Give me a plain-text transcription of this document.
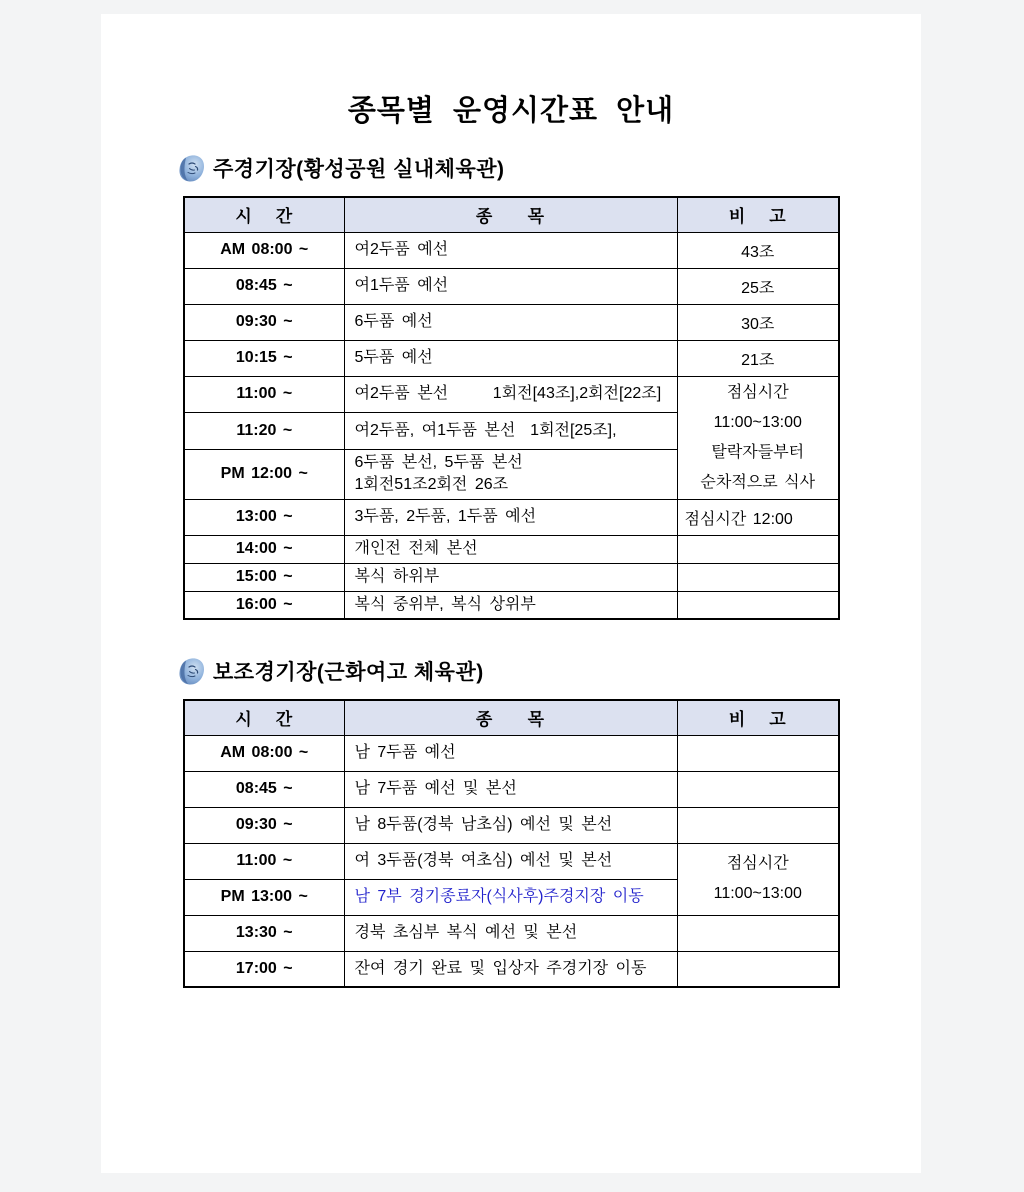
종목별  운영시간표  안내
주경기장(황성공원 실내체육관)
시    간	종      목	비    고
AM 08:00 ~	여2두품 예선	43조
08:45 ~	여1두품 예선	25조
09:30 ~	6두품 예선	30조
10:15 ~	5두품 예선	21조
11:00 ~	여2두품 본선      1회전[43조],2회전[22조]	점심시간
11:00~13:00
탈락자들부터
순차적으로 식사

11:20 ~	여2두품, 여1두품 본선  1회전[25조],	
PM 12:00 ~	6두품 본선, 5두품 본선
1회전51조2회전 26조	

13:00 ~	3두품, 2두품, 1두품 예선	점심시간 12:00
14:00 ~	개인전 전체 본선	
15:00 ~	복식 하위부	
16:00 ~	복식 중위부, 복식 상위부	
보조경기장(근화여고 체육관)
시    간	종      목	비    고
AM 08:00 ~	남 7두품 예선	
08:45 ~	남 7두품 예선 및 본선	
09:30 ~	남 8두품(경북 남초심) 예선 및 본선	
11:00 ~	여 3두품(경북 여초심) 예선 및 본선	점심시간
11:00~13:00

PM 13:00 ~	남 7부 경기종료자(식사후)주경지장 이동	
13:30 ~	경북 초심부 복식 예선 및 본선	
17:00 ~	잔여 경기 완료 및 입상자 주경기장 이동	
